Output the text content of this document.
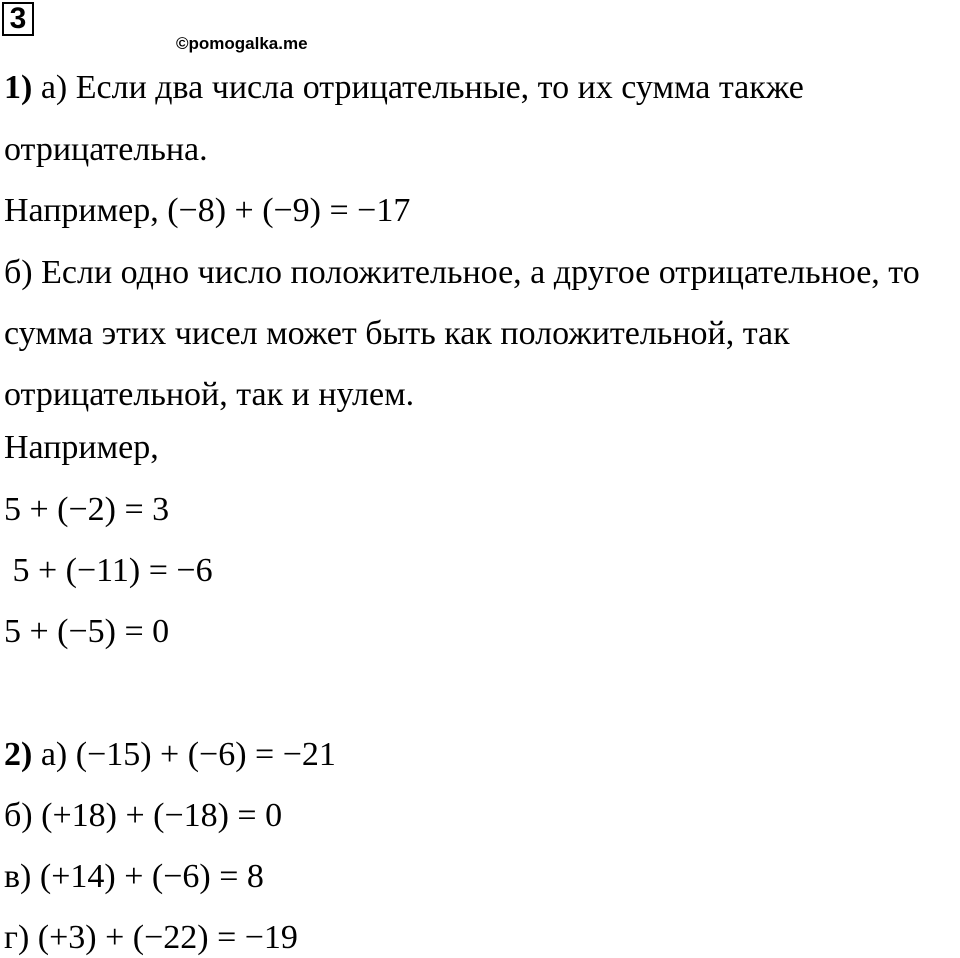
3
©pomogalka.me
1) а) Если два числа отрицательные, то их сумма также
отрицательна.
Например, (−8) + (−9) = −17
б) Если одно число положительное, а другое отрицательное, то
сумма этих чисел может быть как положительной, так
отрицательной, так и нулем.
Например,
5 + (−2) = 3
5 + (−11) = −6
5 + (−5) = 0
2) а) (−15) + (−6) = −21
б) (+18) + (−18) = 0
в) (+14) + (−6) = 8
г) (+3) + (−22) = −19
